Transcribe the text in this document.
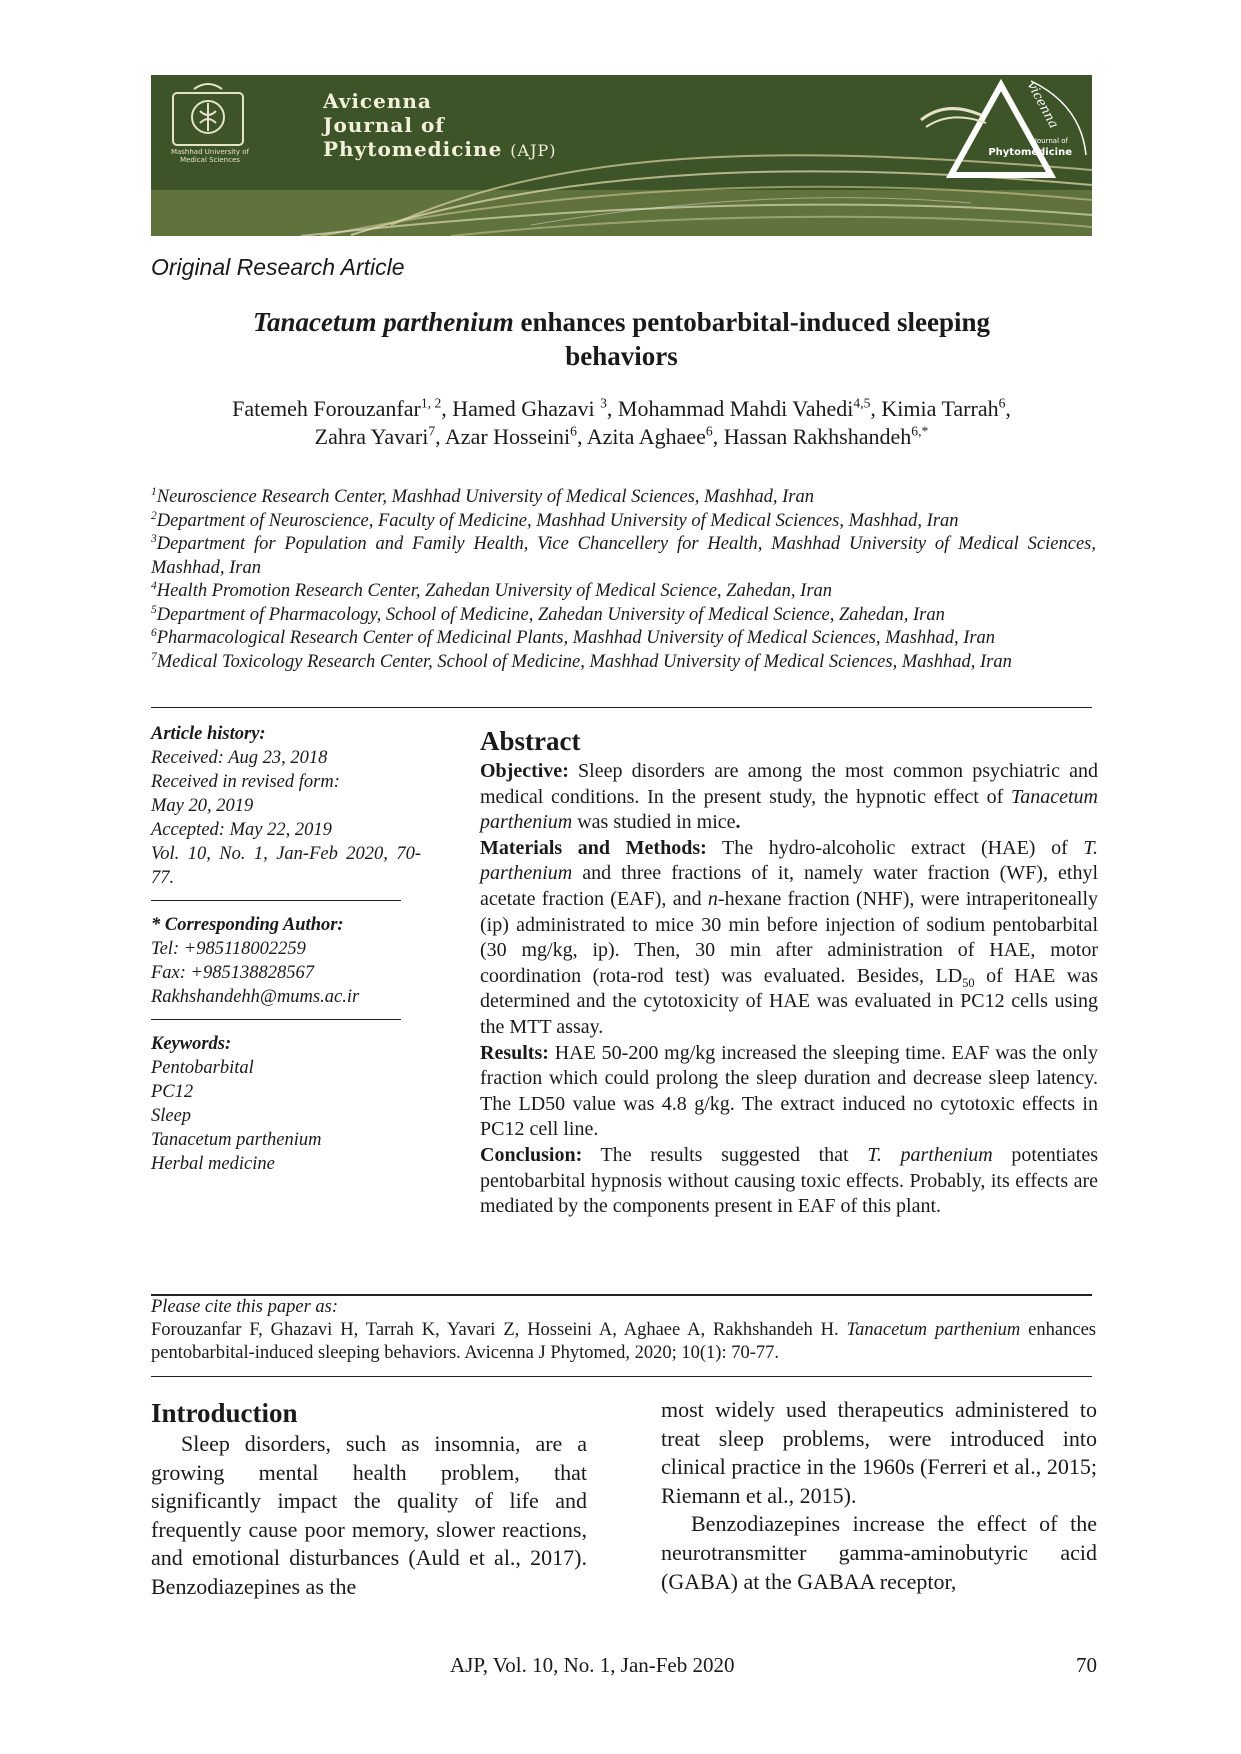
Mashhad University of Medical Sciences
Avicenna
Journal of
Phytomedicine (AJP)	Journal of
Phytomedicine
vicenna
Original Research Article
Tanacetum parthenium enhances pentobarbital-induced sleeping
behaviors
Fatemeh Forouzanfar$^{1, 2}$, Hamed Ghazavi $^3$, Mohammad Mahdi Vahedi$^{4,5}$, Kimia Tarrah$^6$,
Zahra Yavari$^7$, Azar Hosseini$^6$, Azita Aghaee$^6$, Hassan Rakhshandeh$^{6,*}$
$^1$Neuroscience Research Center, Mashhad University of Medical Sciences, Mashhad, Iran
$^2$Department of Neuroscience, Faculty of Medicine, Mashhad University of Medical Sciences, Mashhad, Iran
$^3$Department for Population and Family Health, Vice Chancellery for Health, Mashhad University of Medical Sciences, Mashhad, Iran
$^4$Health Promotion Research Center, Zahedan University of Medical Science, Zahedan, Iran
$^5$Department of Pharmacology, School of Medicine, Zahedan University of Medical Science, Zahedan, Iran
$^6$Pharmacological Research Center of Medicinal Plants, Mashhad University of Medical Sciences, Mashhad, Iran
$^7$Medical Toxicology Research Center, School of Medicine, Mashhad University of Medical Sciences, Mashhad, Iran
Article history:
Received: Aug 23, 2018
Received in revised form:
May 20, 2019
Accepted: May 22, 2019
Vol. 10, No. 1, Jan-Feb 2020, 70-77.
* Corresponding Author:
Tel: +985118002259
Fax: +985138828567
Rakhshandehh@mums.ac.ir
Keywords:
Pentobarbital
PC12
Sleep
Tanacetum parthenium
Herbal medicine
Abstract

Objective: Sleep disorders are among the most common psychiatric and medical conditions. In the present study, the hypnotic effect of Tanacetum parthenium was studied in mice.

Materials and Methods: The hydro-alcoholic extract (HAE) of T. parthenium and three fractions of it, namely water fraction (WF), ethyl acetate fraction (EAF), and n-hexane fraction (NHF), were intraperitoneally (ip) administrated to mice 30 min before injection of sodium pentobarbital (30 mg/kg, ip). Then, 30 min after administration of HAE, motor coordination (rota-rod test) was evaluated. Besides, $LD_{50}$ of HAE was determined and the cytotoxicity of HAE was evaluated in PC12 cells using the MTT assay.

Results: HAE 50-200 mg/kg increased the sleeping time. EAF was the only fraction which could prolong the sleep duration and decrease sleep latency. The LD50 value was 4.8 g/kg. The extract induced no cytotoxic effects in PC12 cell line.

Conclusion: The results suggested that T. parthenium potentiates pentobarbital hypnosis without causing toxic effects. Probably, its effects are mediated by the components present in EAF of this plant.

Please cite this paper as:
Forouzanfar F, Ghazavi H, Tarrah K, Yavari Z, Hosseini A, Aghaee A, Rakhshandeh H. Tanacetum parthenium enhances pentobarbital-induced sleeping behaviors. Avicenna J Phytomed, 2020; 10(1): 70-77.
Introduction

Sleep disorders, such as insomnia, are a growing mental health problem, that significantly impact the quality of life and frequently cause poor memory, slower reactions, and emotional disturbances (Auld et al., 2017). Benzodiazepines as the

most widely used therapeutics administered to treat sleep problems, were introduced into clinical practice in the 1960s (Ferreri et al., 2015; Riemann et al., 2015).

Benzodiazepines increase the effect of the neurotransmitter gamma-aminobutyric acid (GABA) at the GABAA receptor,

AJP, Vol. 10, No. 1, Jan-Feb 2020	70
